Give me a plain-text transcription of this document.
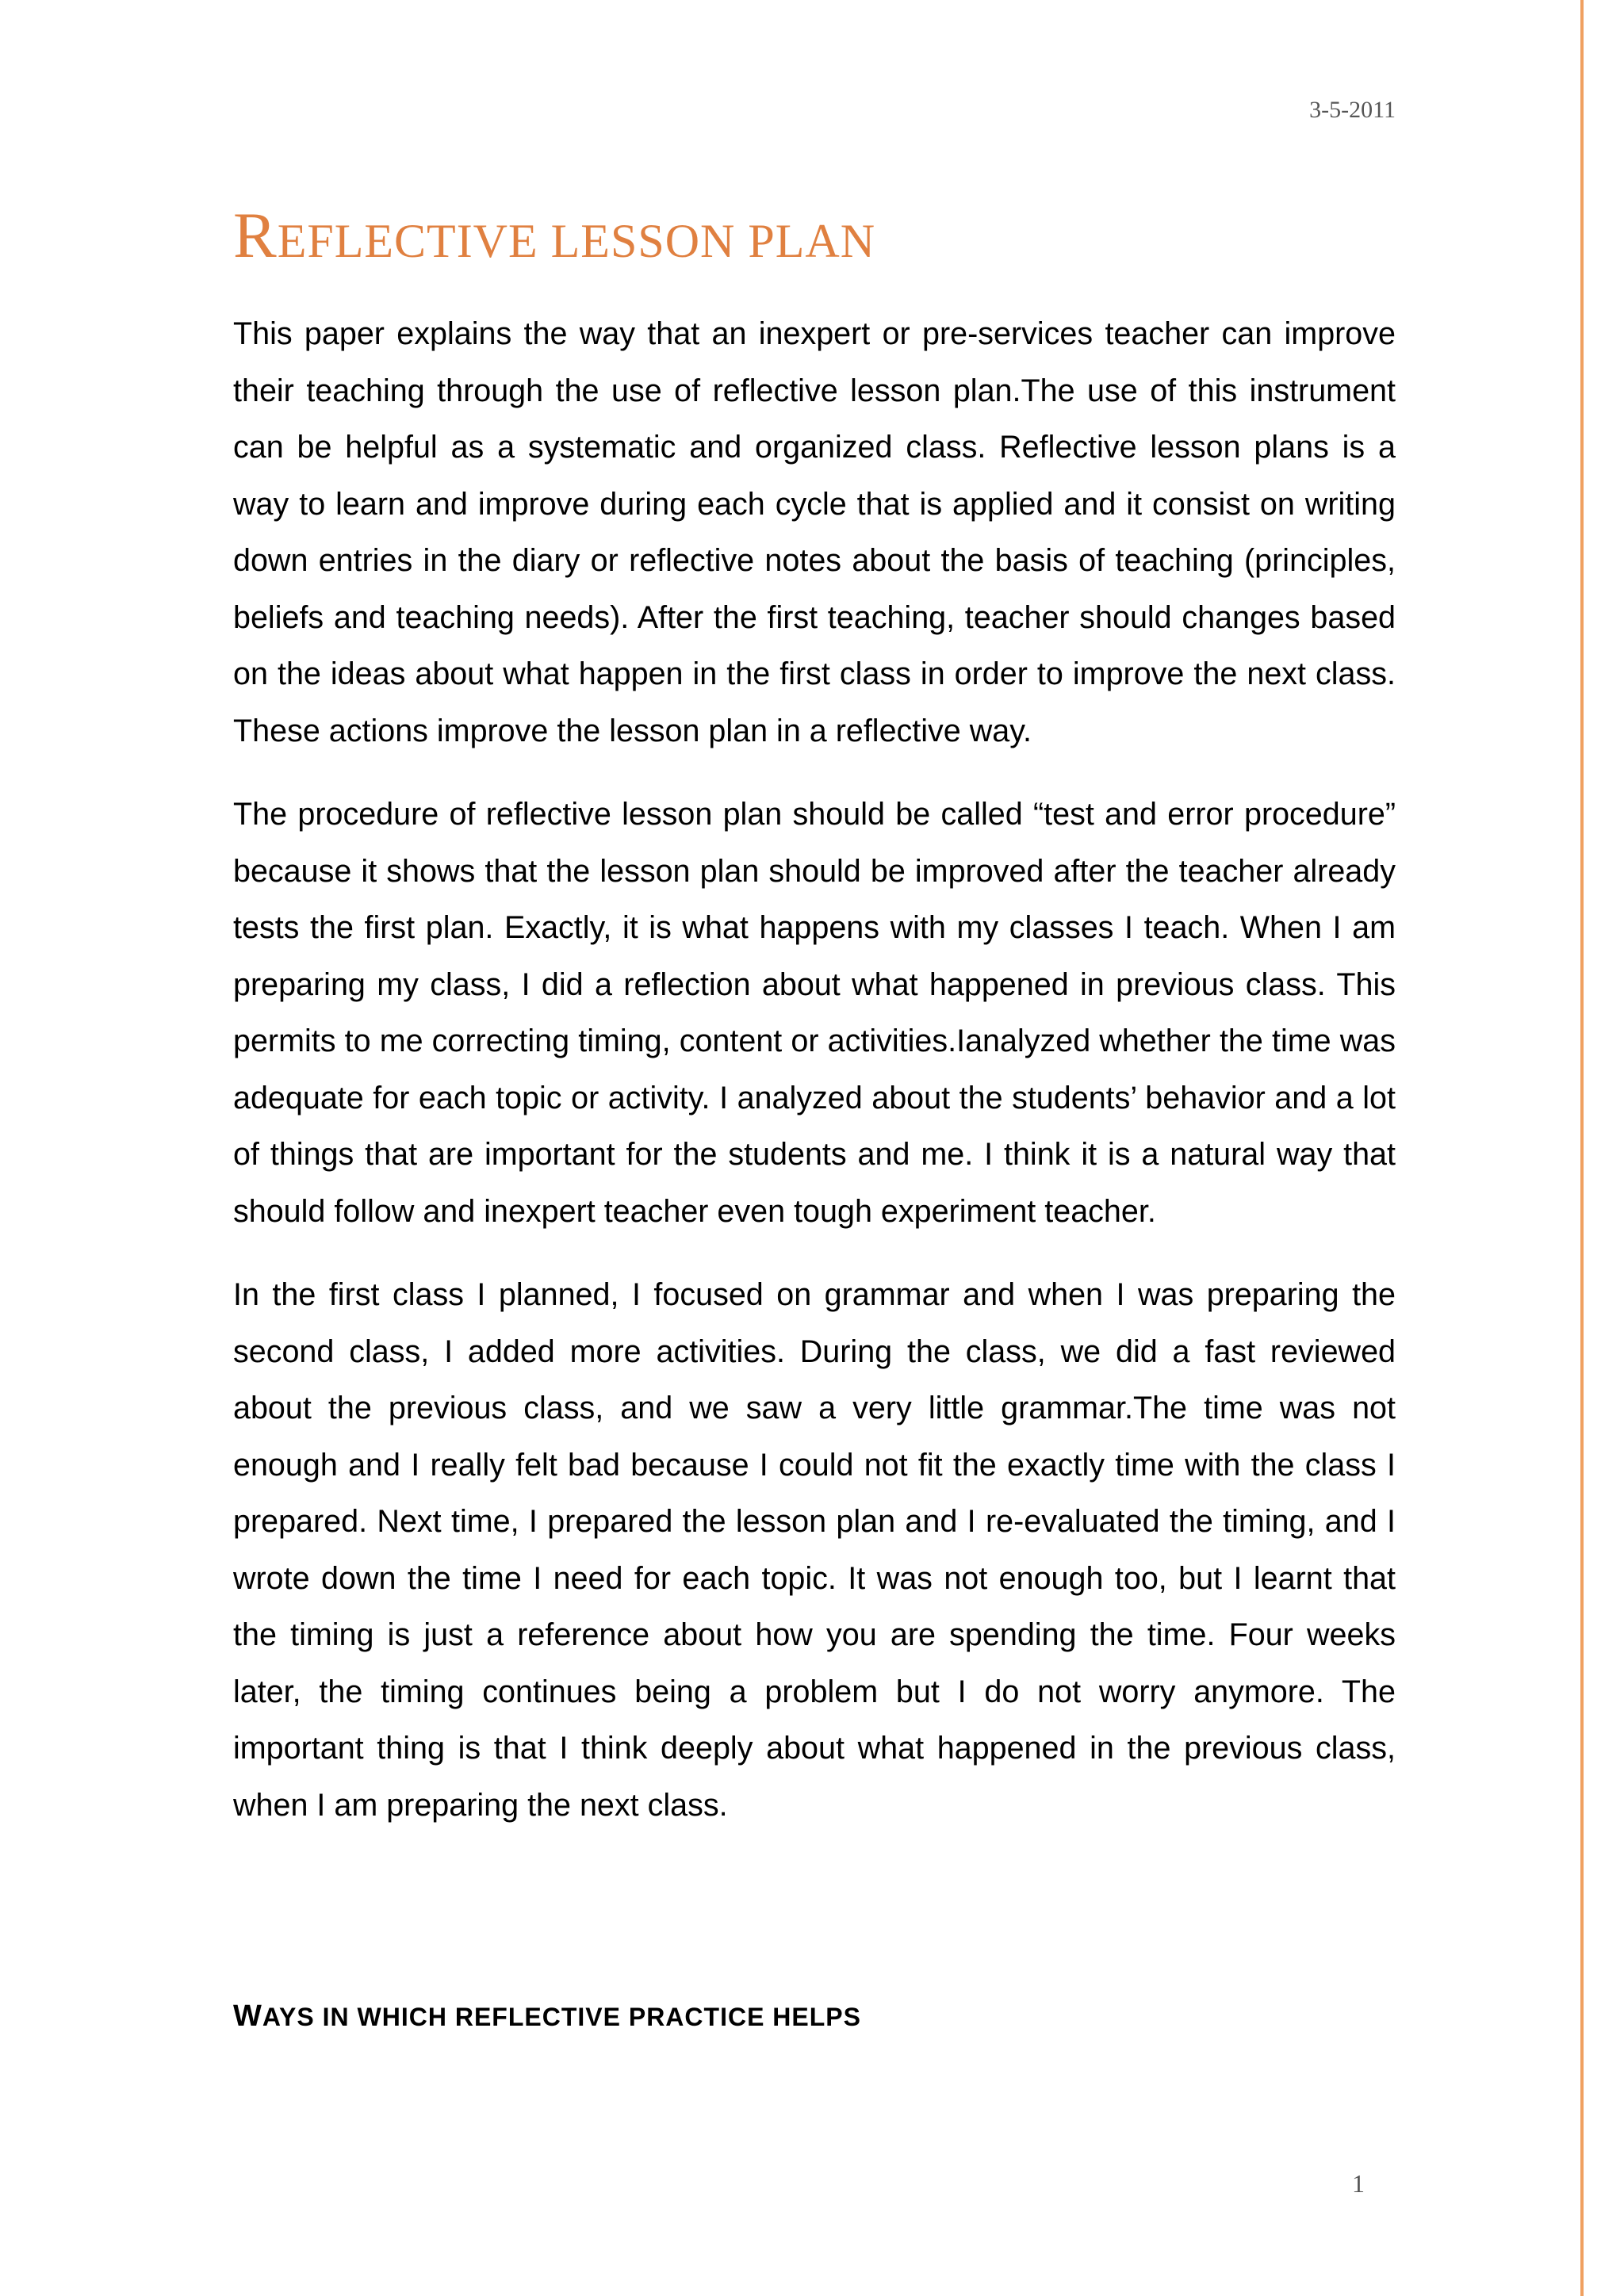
3-5-2011
REFLECTIVE LESSON PLAN

This paper explains the way that an inexpert or pre-services teacher can improve their teaching through the use of reflective lesson plan.The use of this instrument can be helpful as a systematic and organized class. Reflective lesson plans is a way to learn and improve during each cycle that is applied and it consist on writing down entries in the diary or reflective notes about the basis of teaching (principles, beliefs and teaching needs). After the first teaching, teacher should changes based on the ideas about what happen in the first class in order to improve the next class. These actions improve the lesson plan in a reflective way.

The procedure of reflective lesson plan should be called “test and error procedure” because it shows that the lesson plan should be improved after the teacher already tests the first plan. Exactly, it is what happens with my classes I teach. When I am preparing my class, I did a reflection about what happened in previous class. This permits to me correcting timing, content or activities.Ianalyzed whether the time was adequate for each topic or activity. I analyzed about the students’ behavior and a lot of things that are important for the students and me. I think it is a natural way that should follow and inexpert teacher even tough experiment teacher.

In the first class I planned, I focused on grammar and when I was preparing the second class, I added more activities. During the class, we did a fast reviewed about the previous class, and we saw a very little grammar.The time was not enough and I really felt bad because I could not fit the exactly time with the class I prepared. Next time, I prepared the lesson plan and I re-evaluated the timing, and I wrote down the time I need for each topic. It was not enough too, but I learnt that the timing is just a reference about how you are spending the time. Four weeks later, the timing continues being a problem but I do not worry anymore. The important thing is that I think deeply about what happened in the previous class, when I am preparing the next class.

WAYS IN WHICH REFLECTIVE PRACTICE HELPS
1
